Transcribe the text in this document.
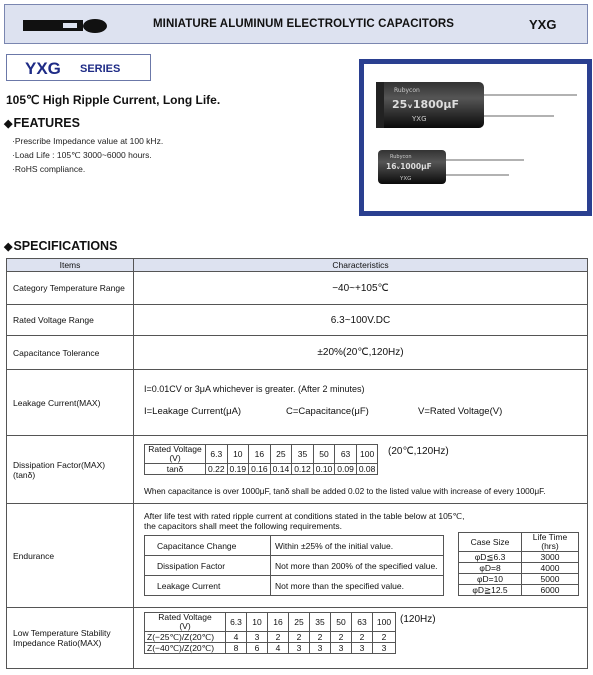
MINIATURE ALUMINUM ELECTROLYTIC CAPACITORS	YXG
YXG SERIES
105℃ High Ripple Current, Long Life.
◆FEATURES
·Prescribe Impedance value at 100 kHz.
·Load Life : 105℃ 3000~6000 hours.
·RoHS compliance.
Rubycon
25ᵥ1800μF
YXG
Rubycon
16ᵥ1000μF
YXG
◆SPECIFICATIONS
Items	Characteristics
Category Temperature Range	−40~+105℃
Rated Voltage Range	6.3~100V.DC
Capacitance Tolerance	±20%(20℃,120Hz)
Leakage Current(MAX)	
I=0.01CV or 3μA whichever is greater. (After 2 minutes)
I=Leakage Current(μA)	C=Capacitance(μF)	V=Rated Voltage(V)

Dissipation Factor(MAX)
(tanδ)

Rated Voltage
(V)	6.3	10	16	25	35	50	63	100
tanδ	0.22	0.19	0.16	0.14	0.12	0.10	0.09	0.08
(20℃,120Hz)
When capacitance is over 1000μF, tanδ shall be added 0.02 to the listed value with increase of every 1000μF.

Endurance	
After life test with rated ripple current at conditions stated in the table below at 105℃,
the capacitors shall meet the following requirements.
Capacitance Change	Within ±25% of the initial value.
Dissipation Factor	Not more than 200% of the specified value.
Leakage Current	Not more than the specified value.
Case Size	Life Time
(hrs)

φD≦6.3	3000
φD=8	4000
φD=10	5000
φD≧12.5	6000

Low Temperature Stability
Impedance Ratio(MAX)

Rated Voltage
(V)	6.3	10	16	25	35	50	63	100
Z(−25℃)/Z(20℃)	4	3	2	2	2	2	2	2
Z(−40℃)/Z(20℃)	8	6	4	3	3	3	3	3
(120Hz)
